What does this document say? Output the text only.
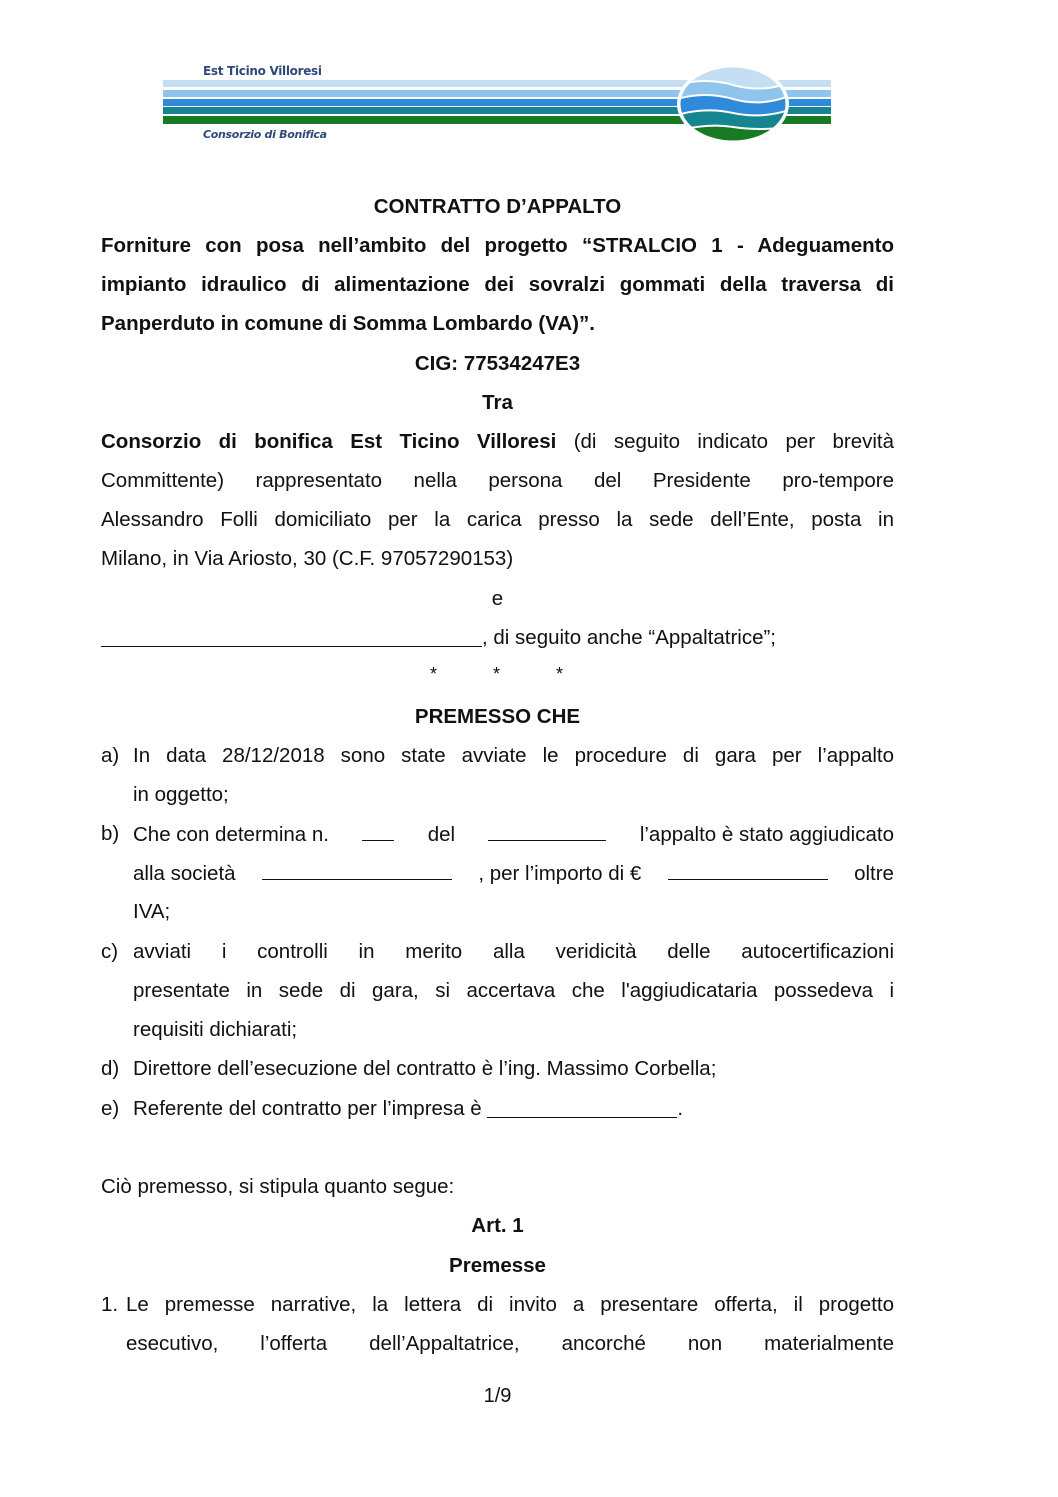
Est Ticino Villoresi
Consorzio di Bonifica
CONTRATTO D’APPALTO
Forniture con posa nell’ambito del progetto “STRALCIO 1 - Adeguamento
impianto idraulico di alimentazione dei sovralzi gommati della traversa di
Panperduto in comune di Somma Lombardo (VA)”.
CIG: 77534247E3
Tra
Consorzio di bonifica Est Ticino Villoresi (di seguito indicato per brevità
Committente) rappresentato nella persona del Presidente pro-tempore
Alessandro Folli domiciliato per la carica presso la sede dell’Ente, posta in
Milano, in Via Ariosto, 30 (C.F. 97057290153)
e
, di seguito anche “Appaltatrice”;
*	*	*
PREMESSO CHE
a) In data 28/12/2018 sono state avviate le procedure di gara per l’appalto
in oggetto;
b) Che con determina n.	del	l’appalto è stato aggiudicato
alla società	, per l’importo di €	oltre
IVA;
c) avviati i controlli in merito alla veridicità delle autocertificazioni
presentate in sede di gara, si accertava che l'aggiudicataria possedeva i
requisiti dichiarati;
d) Direttore dell’esecuzione del contratto è l’ing. Massimo Corbella;
e) Referente del contratto per l’impresa è	.
Ciò premesso, si stipula quanto segue:
Art. 1
Premesse
1. Le premesse narrative, la lettera di invito a presentare offerta, il progetto
esecutivo, l’offerta dell’Appaltatrice, ancorché non materialmente
1/9
